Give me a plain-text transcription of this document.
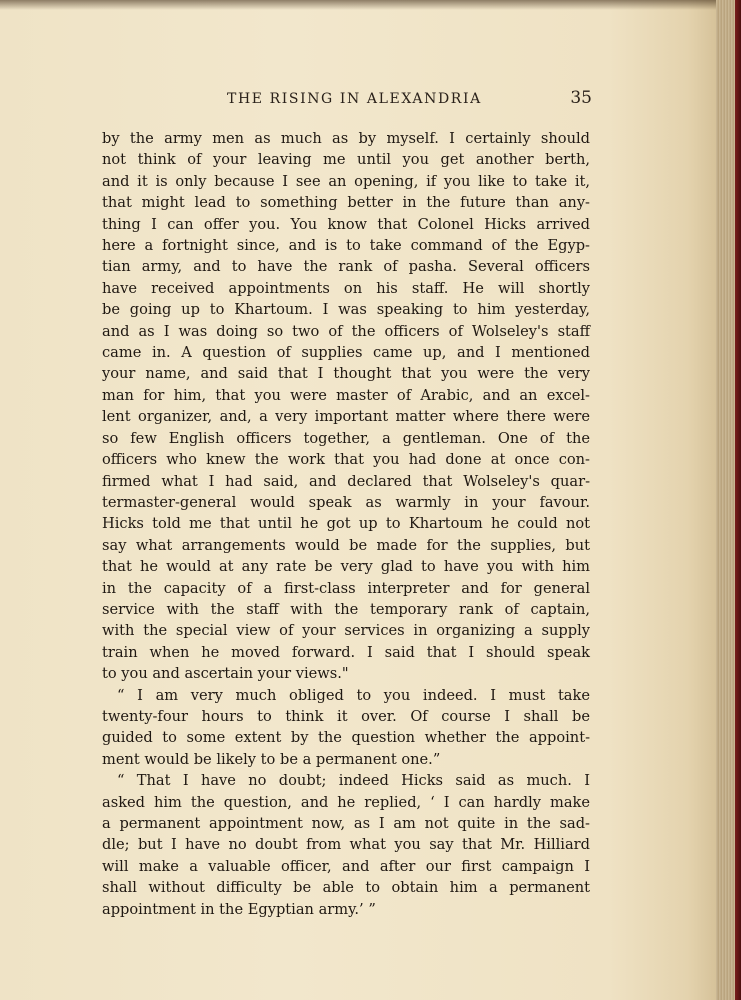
THE RISING IN ALEXANDRIA	35
by the army men as much as by myself. I certainly should
not think of your leaving me until you get another berth,
and it is only because I see an opening, if you like to take it,
that might lead to something better in the future than any-
thing I can offer you. You know that Colonel Hicks arrived
here a fortnight since, and is to take command of the Egyp-
tian army, and to have the rank of pasha. Several officers
have received appointments on his staff. He will shortly
be going up to Khartoum. I was speaking to him yesterday,
and as I was doing so two of the officers of Wolseley's staff
came in. A question of supplies came up, and I mentioned
your name, and said that I thought that you were the very
man for him, that you were master of Arabic, and an excel-
lent organizer, and, a very important matter where there were
so few English officers together, a gentleman. One of the
officers who knew the work that you had done at once con-
firmed what I had said, and declared that Wolseley's quar-
termaster-general would speak as warmly in your favour.
Hicks told me that until he got up to Khartoum he could not
say what arrangements would be made for the supplies, but
that he would at any rate be very glad to have you with him
in the capacity of a first-class interpreter and for general
service with the staff with the temporary rank of captain,
with the special view of your services in organizing a supply
train when he moved forward. I said that I should speak
to you and ascertain your views."
“ I am very much obliged to you indeed. I must take
twenty-four hours to think it over. Of course I shall be
guided to some extent by the question whether the appoint-
ment would be likely to be a permanent one.”
“ That I have no doubt; indeed Hicks said as much. I
asked him the question, and he replied, ‘ I can hardly make
a permanent appointment now, as I am not quite in the sad-
dle; but I have no doubt from what you say that Mr. Hilliard
will make a valuable officer, and after our first campaign I
shall without difficulty be able to obtain him a permanent
appointment in the Egyptian army.’ ”
